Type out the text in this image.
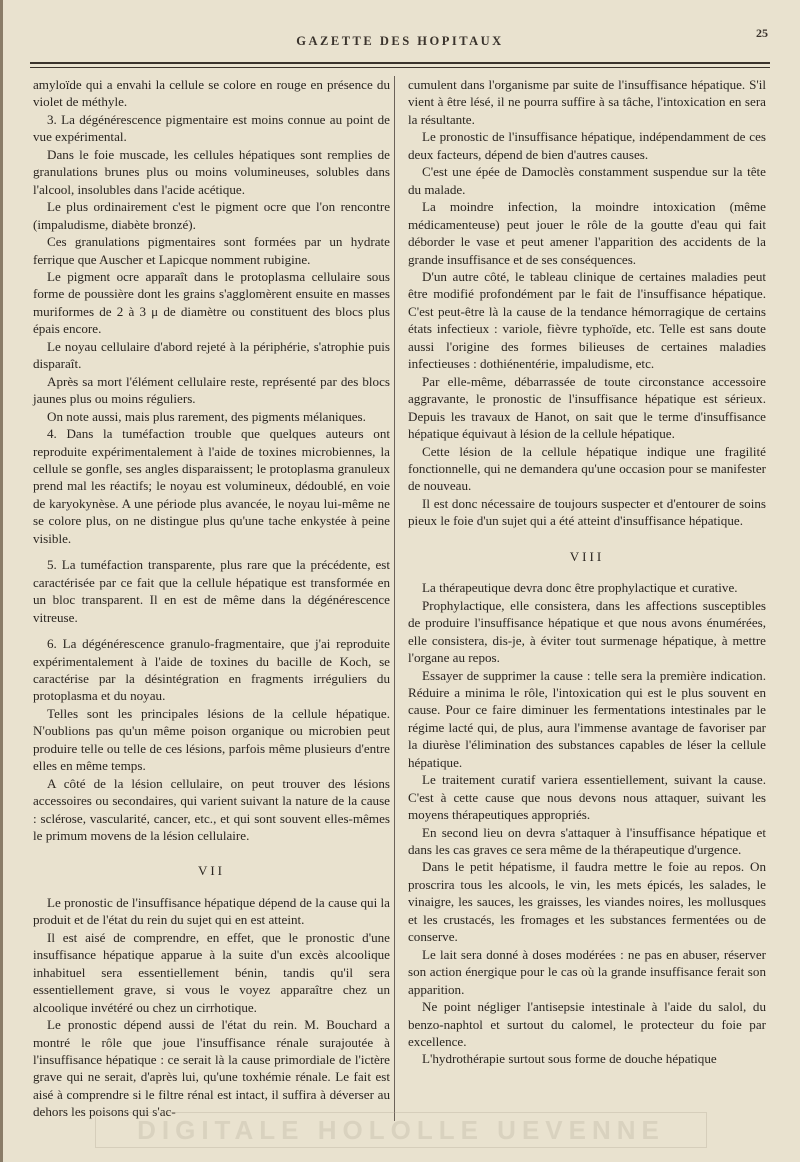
GAZETTE DES HOPITAUX
25

amyloïde qui a envahi la cellule se colore en rouge en présence du violet de méthyle.

3. La dégénérescence pigmentaire est moins connue au point de vue expérimental.

Dans le foie muscade, les cellules hépatiques sont remplies de granulations brunes plus ou moins volumineuses, solubles dans l'alcool, insolubles dans l'acide acétique.

Le plus ordinairement c'est le pigment ocre que l'on rencontre (impaludisme, diabète bronzé).

Ces granulations pigmentaires sont formées par un hydrate ferrique que Auscher et Lapicque nomment rubigine.

Le pigment ocre apparaît dans le protoplasma cellulaire sous forme de poussière dont les grains s'agglomèrent ensuite en masses muriformes de 2 à 3 μ de diamètre ou constituent des blocs plus épais encore.

Le noyau cellulaire d'abord rejeté à la périphérie, s'atrophie puis disparaît.

Après sa mort l'élément cellulaire reste, représenté par des blocs jaunes plus ou moins réguliers.

On note aussi, mais plus rarement, des pigments mélaniques.

4. Dans la tuméfaction trouble que quelques auteurs ont reproduite expérimentalement à l'aide de toxines microbiennes, la cellule se gonfle, ses angles disparaissent; le protoplasma granuleux prend mal les réactifs; le noyau est volumineux, dédoublé, en voie de karyokynèse. A une période plus avancée, le noyau lui-même ne se colore plus, on ne distingue plus qu'une tache enkystée à peine visible.

5. La tuméfaction transparente, plus rare que la précédente, est caractérisée par ce fait que la cellule hépatique est transformée en un bloc transparent. Il en est de même dans la dégénérescence vitreuse.

6. La dégénérescence granulo-fragmentaire, que j'ai reproduite expérimentalement à l'aide de toxines du bacille de Koch, se caractérise par la désintégration en fragments irréguliers du protoplasma et du noyau.

Telles sont les principales lésions de la cellule hépatique. N'oublions pas qu'un même poison organique ou microbien peut produire telle ou telle de ces lésions, parfois même plusieurs d'entre elles en même temps.

A côté de la lésion cellulaire, on peut trouver des lésions accessoires ou secondaires, qui varient suivant la nature de la cause : sclérose, vascularité, cancer, etc., et qui sont souvent elles-mêmes le primum movens de la lésion cellulaire.

VII

Le pronostic de l'insuffisance hépatique dépend de la cause qui la produit et de l'état du rein du sujet qui en est atteint.

Il est aisé de comprendre, en effet, que le pronostic d'une insuffisance hépatique apparue à la suite d'un excès alcoolique inhabituel sera essentiellement bénin, tandis qu'il sera essentiellement grave, si vous le voyez apparaître chez un alcoolique invétéré ou chez un cirrhotique.

Le pronostic dépend aussi de l'état du rein. M. Bouchard a montré le rôle que joue l'insuffisance rénale surajoutée à l'insuffisance hépatique : ce serait là la cause primordiale de l'ictère grave qui ne serait, d'après lui, qu'une toxhémie rénale. Le fait est aisé à comprendre si le filtre rénal est intact, il suffira à déverser au dehors les poisons qui s'ac-

cumulent dans l'organisme par suite de l'insuffisance hépatique. S'il vient à être lésé, il ne pourra suffire à sa tâche, l'intoxication en sera la résultante.

Le pronostic de l'insuffisance hépatique, indépendamment de ces deux facteurs, dépend de bien d'autres causes.

C'est une épée de Damoclès constamment suspendue sur la tête du malade.

La moindre infection, la moindre intoxication (même médicamenteuse) peut jouer le rôle de la goutte d'eau qui fait déborder le vase et peut amener l'apparition des accidents de la grande insuffisance et de ses conséquences.

D'un autre côté, le tableau clinique de certaines maladies peut être modifié profondément par le fait de l'insuffisance hépatique. C'est peut-être là la cause de la tendance hémorragique de certains états infectieux : variole, fièvre typhoïde, etc. Telle est sans doute aussi l'origine des formes bilieuses de certaines maladies infectieuses : dothiénentérie, impaludisme, etc.

Par elle-même, débarrassée de toute circonstance accessoire aggravante, le pronostic de l'insuffisance hépatique est sérieux. Depuis les travaux de Hanot, on sait que le terme d'insuffisance hépatique équivaut à lésion de la cellule hépatique.

Cette lésion de la cellule hépatique indique une fragilité fonctionnelle, qui ne demandera qu'une occasion pour se manifester de nouveau.

Il est donc nécessaire de toujours suspecter et d'entourer de soins pieux le foie d'un sujet qui a été atteint d'insuffisance hépatique.

VIII

La thérapeutique devra donc être prophylactique et curative.

Prophylactique, elle consistera, dans les affections susceptibles de produire l'insuffisance hépatique et que nous avons énumérées, elle consistera, dis-je, à éviter tout surmenage hépatique, à mettre l'organe au repos.

Essayer de supprimer la cause : telle sera la première indication. Réduire a minima le rôle, l'intoxication qui est le plus souvent en cause. Pour ce faire diminuer les fermentations intestinales par le régime lacté qui, de plus, aura l'immense avantage de favoriser par la diurèse l'élimination des substances capables de léser la cellule hépatique.

Le traitement curatif variera essentiellement, suivant la cause. C'est à cette cause que nous devons nous attaquer, suivant les moyens thérapeutiques appropriés.

En second lieu on devra s'attaquer à l'insuffisance hépatique et dans les cas graves ce sera même de la thérapeutique d'urgence.

Dans le petit hépatisme, il faudra mettre le foie au repos. On proscrira tous les alcools, le vin, les mets épicés, les salades, le vinaigre, les sauces, les graisses, les viandes noires, les mollusques et les crustacés, les fromages et les substances fermentées ou de conserve.

Le lait sera donné à doses modérées : ne pas en abuser, réserver son action énergique pour le cas où la grande insuffisance ferait son apparition.

Ne point négliger l'antisepsie intestinale à l'aide du salol, du benzo-naphtol et surtout du calomel, le protecteur du foie par excellence.

L'hydrothérapie surtout sous forme de douche hépatique

DIGITALE HOLOLLE UEVENNE
